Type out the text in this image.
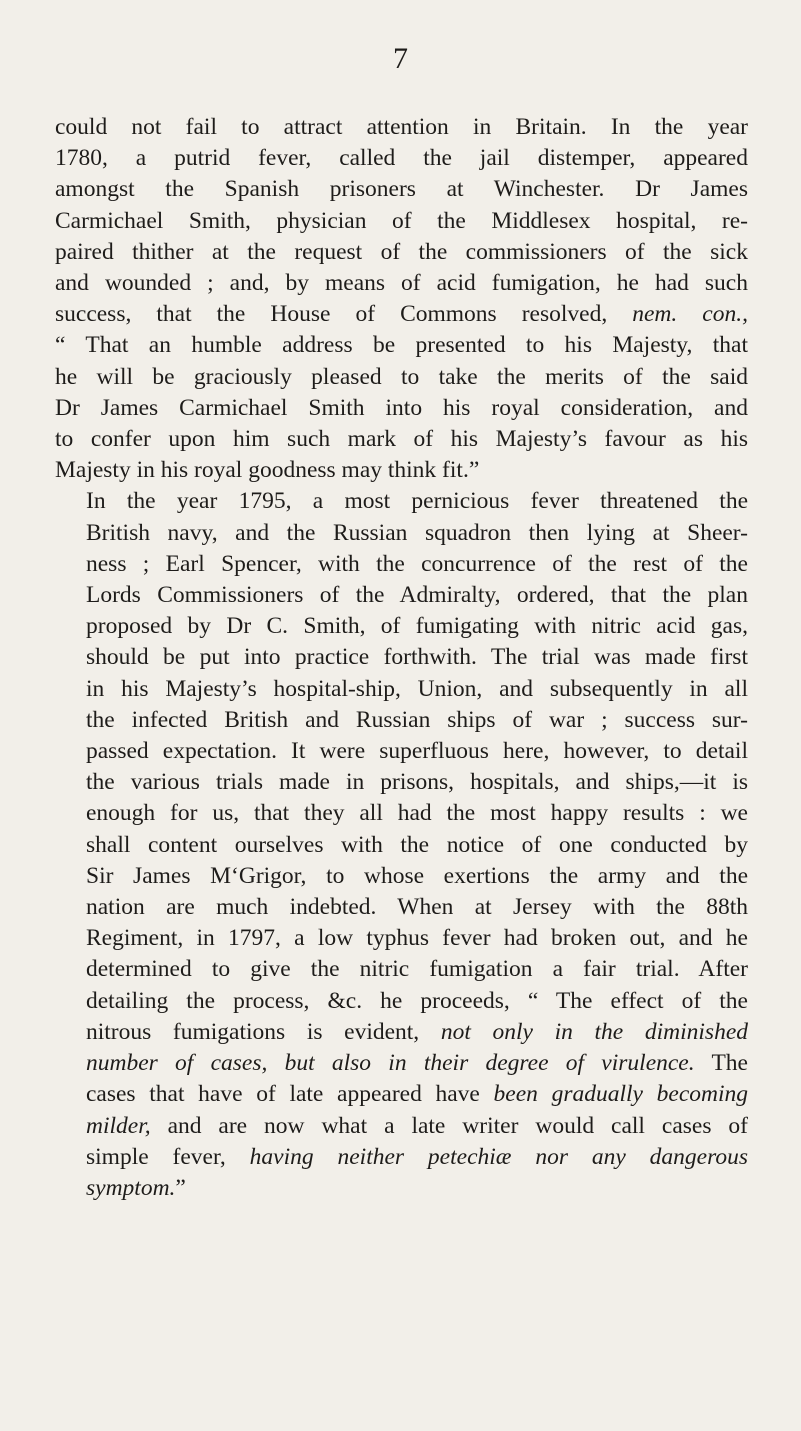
7

could not fail to attract attention in Britain. In the year
1780, a putrid fever, called the jail distemper, appeared
amongst the Spanish prisoners at Winchester. Dr James
Carmichael Smith, physician of the Middlesex hospital, re-
paired thither at the request of the commissioners of the sick
and wounded ; and, by means of acid fumigation, he had such
success, that the House of Commons resolved, nem. con.,
“ That an humble address be presented to his Majesty, that
he will be graciously pleased to take the merits of the said
Dr James Carmichael Smith into his royal consideration, and
to confer upon him such mark of his Majesty’s favour as his
Majesty in his royal goodness may think fit.”

In the year 1795, a most pernicious fever threatened the
British navy, and the Russian squadron then lying at Sheer-
ness ; Earl Spencer, with the concurrence of the rest of the
Lords Commissioners of the Admiralty, ordered, that the plan
proposed by Dr C. Smith, of fumigating with nitric acid gas,
should be put into practice forthwith. The trial was made first
in his Majesty’s hospital-ship, Union, and subsequently in all
the infected British and Russian ships of war ; success sur-
passed expectation. It were superfluous here, however, to detail
the various trials made in prisons, hospitals, and ships,—it is
enough for us, that they all had the most happy results : we
shall content ourselves with the notice of one conducted by
Sir James M‘Grigor, to whose exertions the army and the
nation are much indebted. When at Jersey with the 88th
Regiment, in 1797, a low typhus fever had broken out, and he
determined to give the nitric fumigation a fair trial. After
detailing the process, &c. he proceeds, “ The effect of the
nitrous fumigations is evident, not only in the diminished
number of cases, but also in their degree of virulence. The
cases that have of late appeared have been gradually becoming
milder, and are now what a late writer would call cases of
simple fever, having neither petechiæ nor any dangerous
symptom.”
